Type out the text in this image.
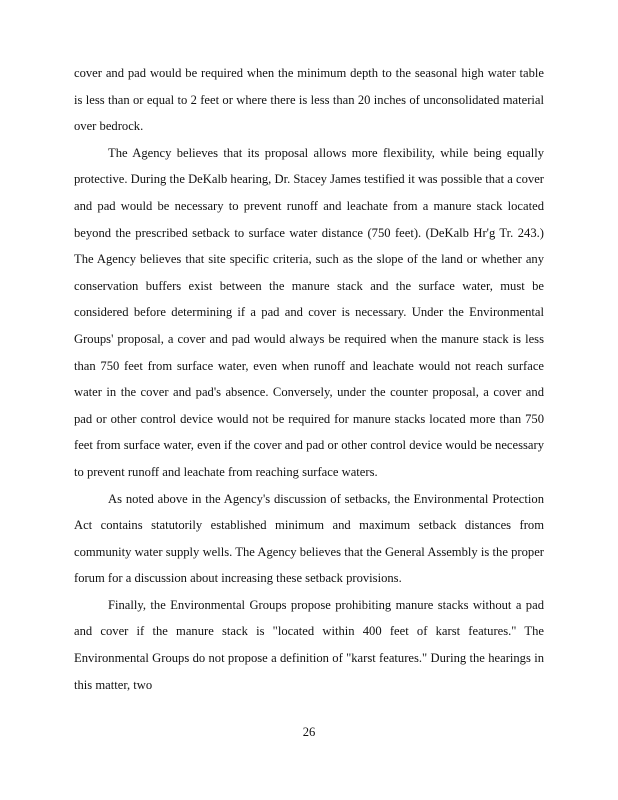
cover and pad would be required when the minimum depth to the seasonal high water table is less than or equal to 2 feet or where there is less than 20 inches of unconsolidated material over bedrock.

The Agency believes that its proposal allows more flexibility, while being equally protective. During the DeKalb hearing, Dr. Stacey James testified it was possible that a cover and pad would be necessary to prevent runoff and leachate from a manure stack located beyond the prescribed setback to surface water distance (750 feet). (DeKalb Hr'g Tr. 243.) The Agency believes that site specific criteria, such as the slope of the land or whether any conservation buffers exist between the manure stack and the surface water, must be considered before determining if a pad and cover is necessary. Under the Environmental Groups' proposal, a cover and pad would always be required when the manure stack is less than 750 feet from surface water, even when runoff and leachate would not reach surface water in the cover and pad's absence. Conversely, under the counter proposal, a cover and pad or other control device would not be required for manure stacks located more than 750 feet from surface water, even if the cover and pad or other control device would be necessary to prevent runoff and leachate from reaching surface waters.

As noted above in the Agency's discussion of setbacks, the Environmental Protection Act contains statutorily established minimum and maximum setback distances from community water supply wells. The Agency believes that the General Assembly is the proper forum for a discussion about increasing these setback provisions.

Finally, the Environmental Groups propose prohibiting manure stacks without a pad and cover if the manure stack is "located within 400 feet of karst features." The Environmental Groups do not propose a definition of "karst features." During the hearings in this matter, two

26
